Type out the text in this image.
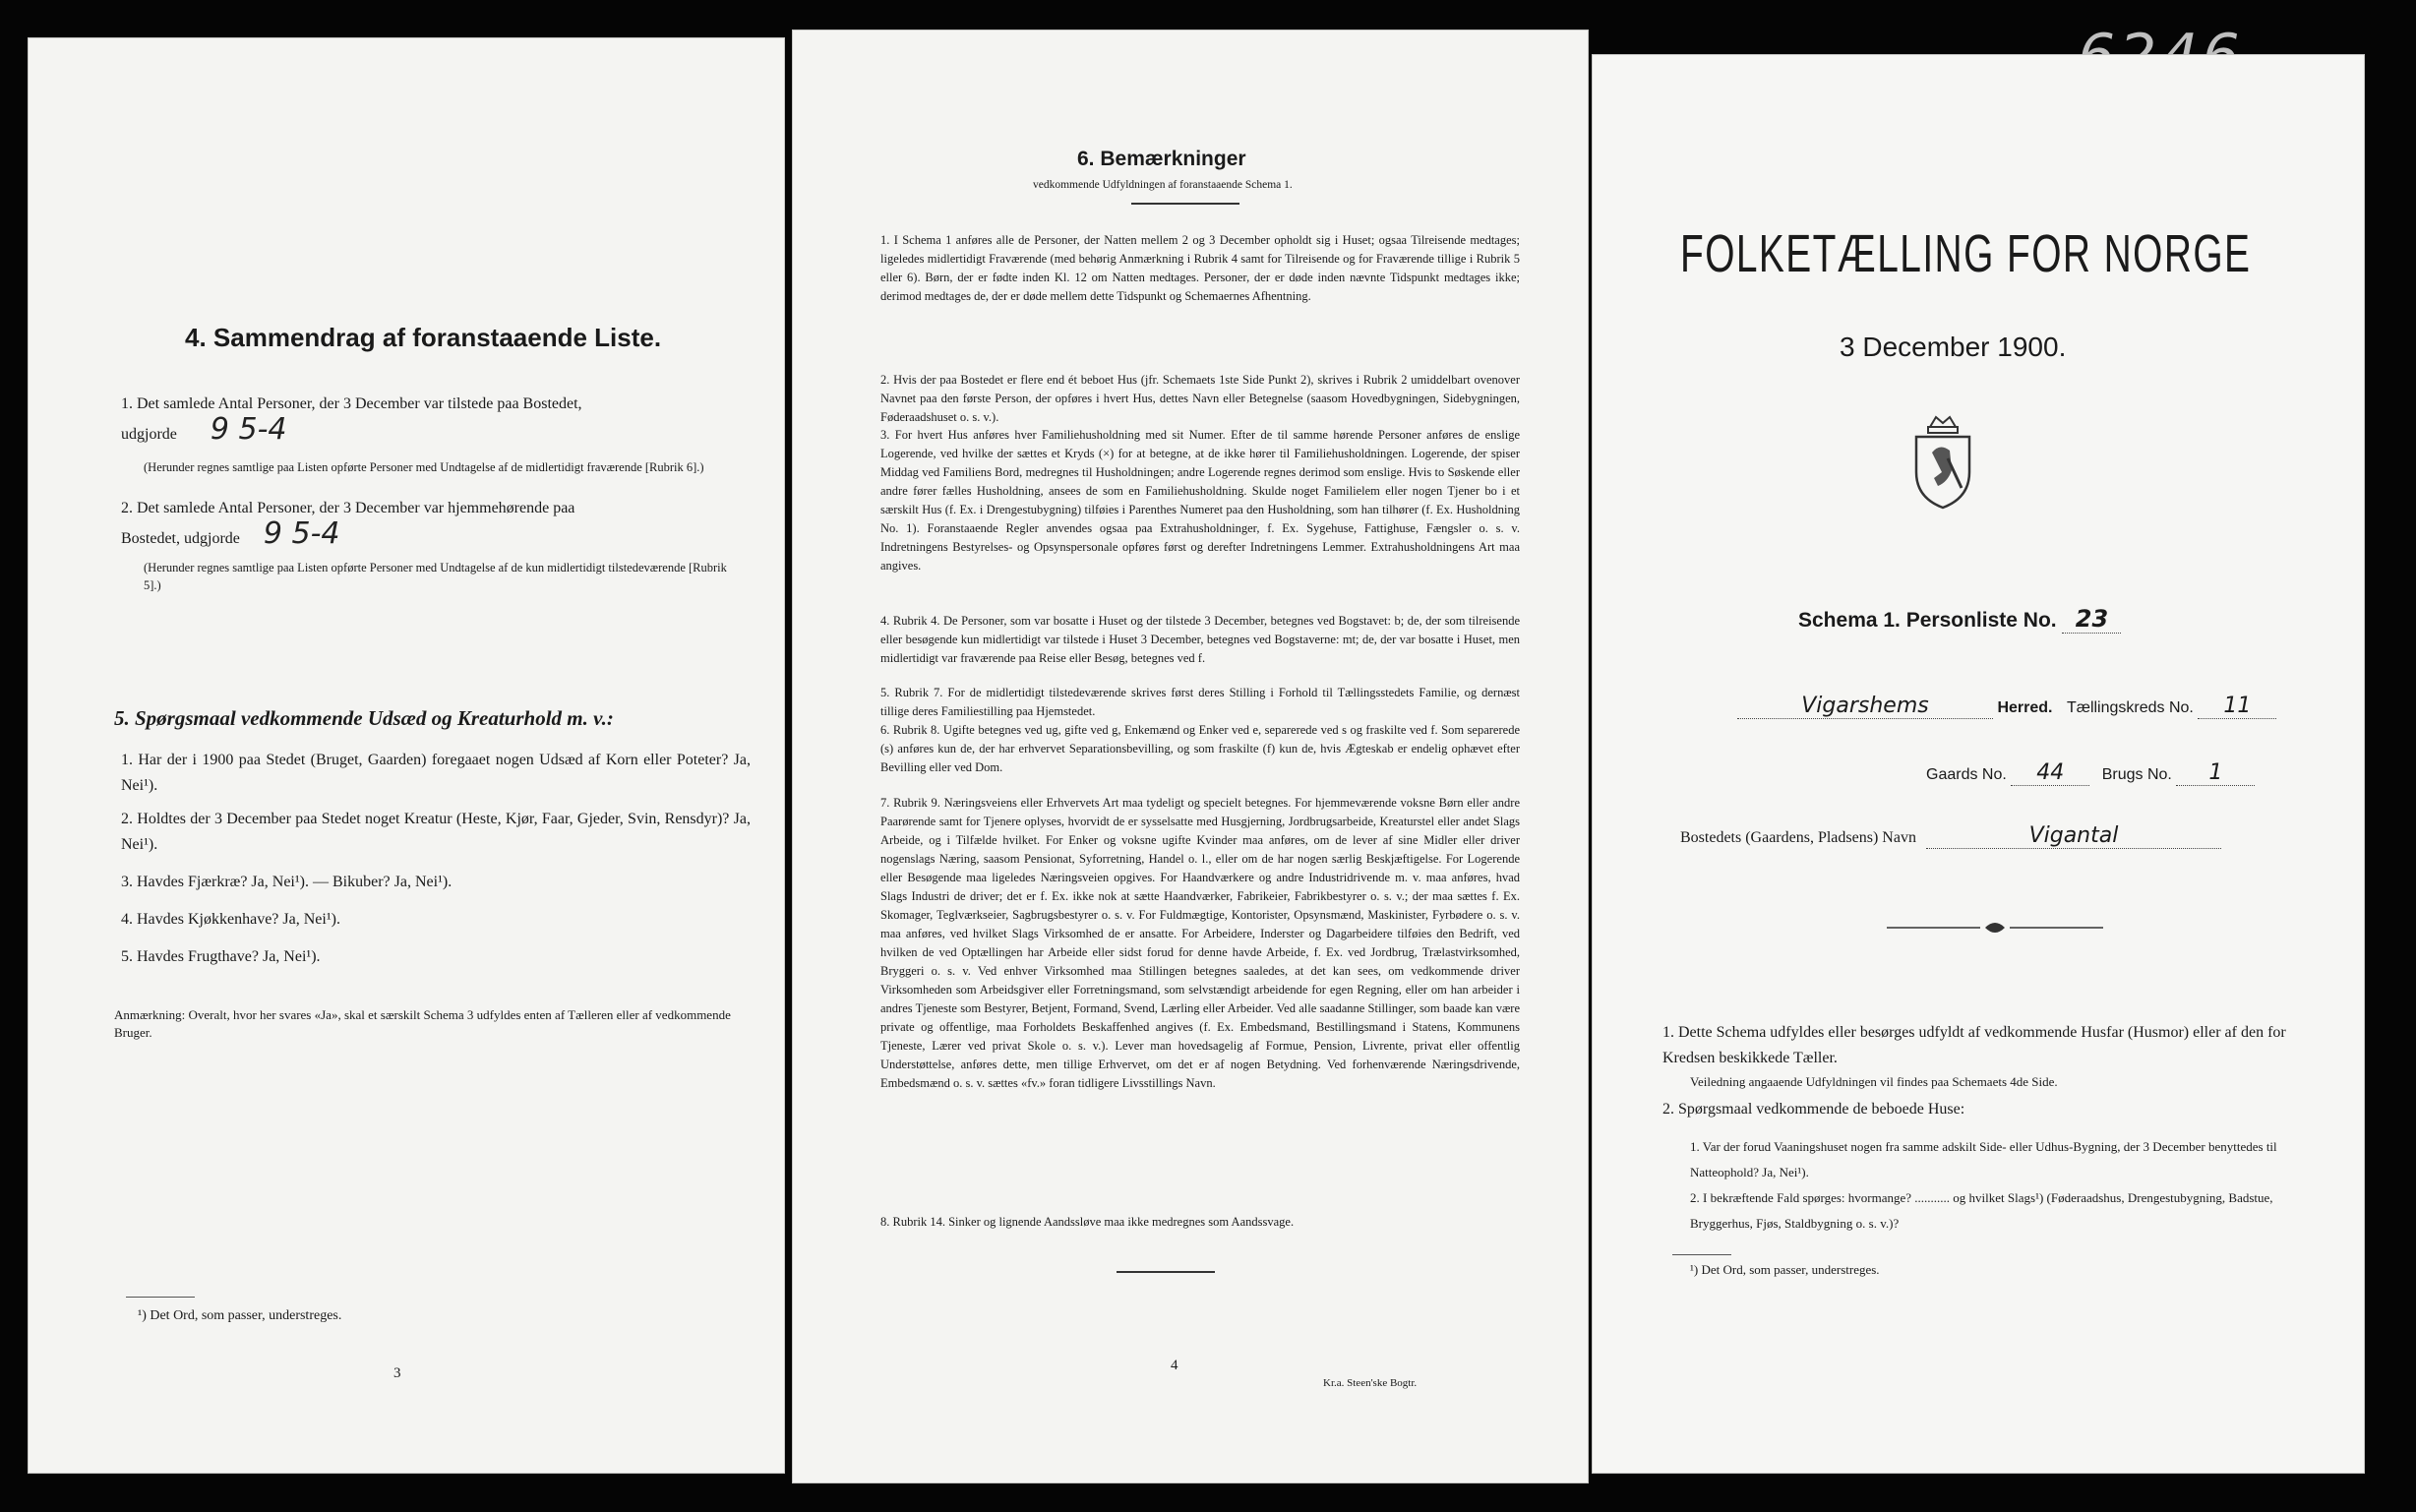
4. Sammendrag af foranstaaende Liste.
1. Det samlede Antal Personer, der 3 December var tilstede paa Bostedet,
udgjorde 9 5-4
(Herunder regnes samtlige paa Listen opførte Personer med Undtagelse af de midlertidigt fraværende [Rubrik 6].)
2. Det samlede Antal Personer, der 3 December var hjemmehørende paa
Bostedet, udgjorde 9 5-4
(Herunder regnes samtlige paa Listen opførte Personer med Undtagelse af de kun midlertidigt tilstedeværende [Rubrik 5].)
5. Spørgsmaal vedkommende Udsæd og Kreaturhold m. v.:
1. Har der i 1900 paa Stedet (Bruget, Gaarden) foregaaet nogen Udsæd af Korn eller Poteter? Ja, Nei¹).
2. Holdtes der 3 December paa Stedet noget Kreatur (Heste, Kjør, Faar, Gjeder, Svin, Rensdyr)? Ja, Nei¹).
3. Havdes Fjærkræ? Ja, Nei¹). — Bikuber? Ja, Nei¹).
4. Havdes Kjøkkenhave? Ja, Nei¹).
5. Havdes Frugthave? Ja, Nei¹).
Anmærkning: Overalt, hvor her svares «Ja», skal et særskilt Schema 3 udfyldes enten af Tælleren eller af vedkommende Bruger.
¹) Det Ord, som passer, understreges.
3
6. Bemærkninger
vedkommende Udfyldningen af foranstaaende Schema 1.
1. I Schema 1 anføres alle de Personer, der Natten mellem 2 og 3 December opholdt sig i Huset; ogsaa Tilreisende medtages; ligeledes midlertidigt Fraværende (med behørig Anmærkning i Rubrik 4 samt for Tilreisende og for Fraværende tillige i Rubrik 5 eller 6). Børn, der er fødte inden Kl. 12 om Natten medtages. Personer, der er døde inden nævnte Tidspunkt medtages ikke; derimod medtages de, der er døde mellem dette Tidspunkt og Schemaernes Afhentning.
2. Hvis der paa Bostedet er flere end ét beboet Hus (jfr. Schemaets 1ste Side Punkt 2), skrives i Rubrik 2 umiddelbart ovenover Navnet paa den første Person, der opføres i hvert Hus, dettes Navn eller Betegnelse (saasom Hovedbygningen, Sidebygningen, Føderaadshuset o. s. v.).
3. For hvert Hus anføres hver Familiehusholdning med sit Numer. Efter de til samme hørende Personer anføres de enslige Logerende, ved hvilke der sættes et Kryds (×) for at betegne, at de ikke hører til Familiehusholdningen. Logerende, der spiser Middag ved Familiens Bord, medregnes til Husholdningen; andre Logerende regnes derimod som enslige. Hvis to Søskende eller andre fører fælles Husholdning, ansees de som en Familiehusholdning. Skulde noget Familielem eller nogen Tjener bo i et særskilt Hus (f. Ex. i Drengestubygning) tilføies i Parenthes Numeret paa den Husholdning, som han tilhører (f. Ex. Husholdning No. 1). Foranstaaende Regler anvendes ogsaa paa Extrahusholdninger, f. Ex. Sygehuse, Fattighuse, Fængsler o. s. v. Indretningens Bestyrelses- og Opsynspersonale opføres først og derefter Indretningens Lemmer. Extrahusholdningens Art maa angives.
4. Rubrik 4. De Personer, som var bosatte i Huset og der tilstede 3 December, betegnes ved Bogstavet: b; de, der som tilreisende eller besøgende kun midlertidigt var tilstede i Huset 3 December, betegnes ved Bogstaverne: mt; de, der var bosatte i Huset, men midlertidigt var fraværende paa Reise eller Besøg, betegnes ved f.
5. Rubrik 7. For de midlertidigt tilstedeværende skrives først deres Stilling i Forhold til Tællingsstedets Familie, og dernæst tillige deres Familiestilling paa Hjemstedet.
6. Rubrik 8. Ugifte betegnes ved ug, gifte ved g, Enkemænd og Enker ved e, separerede ved s og fraskilte ved f. Som separerede (s) anføres kun de, der har erhvervet Separationsbevilling, og som fraskilte (f) kun de, hvis Ægteskab er endelig ophævet efter Bevilling eller ved Dom.
7. Rubrik 9. Næringsveiens eller Erhvervets Art maa tydeligt og specielt betegnes. For hjemmeværende voksne Børn eller andre Paarørende samt for Tjenere oplyses, hvorvidt de er sysselsatte med Husgjerning, Jordbrugsarbeide, Kreaturstel eller andet Slags Arbeide, og i Tilfælde hvilket. For Enker og voksne ugifte Kvinder maa anføres, om de lever af sine Midler eller driver nogenslags Næring, saasom Pensionat, Syforretning, Handel o. l., eller om de har nogen særlig Beskjæftigelse. For Logerende eller Besøgende maa ligeledes Næringsveien opgives. For Haandværkere og andre Industridrivende m. v. maa anføres, hvad Slags Industri de driver; det er f. Ex. ikke nok at sætte Haandværker, Fabrikeier, Fabrikbestyrer o. s. v.; der maa sættes f. Ex. Skomager, Teglværkseier, Sagbrugsbestyrer o. s. v. For Fuldmægtige, Kontorister, Opsynsmænd, Maskinister, Fyrbødere o. s. v. maa anføres, ved hvilket Slags Virksomhed de er ansatte. For Arbeidere, Inderster og Dagarbeidere tilføies den Bedrift, ved hvilken de ved Optællingen har Arbeide eller sidst forud for denne havde Arbeide, f. Ex. ved Jordbrug, Trælastvirksomhed, Bryggeri o. s. v. Ved enhver Virksomhed maa Stillingen betegnes saaledes, at det kan sees, om vedkommende driver Virksomheden som Arbeidsgiver eller Forretningsmand, som selvstændigt arbeidende for egen Regning, eller om han arbeider i andres Tjeneste som Bestyrer, Betjent, Formand, Svend, Lærling eller Arbeider. Ved alle saadanne Stillinger, som baade kan være private og offentlige, maa Forholdets Beskaffenhed angives (f. Ex. Embedsmand, Bestillingsmand i Statens, Kommunens Tjeneste, Lærer ved privat Skole o. s. v.). Lever man hovedsagelig af Formue, Pension, Livrente, privat eller offentlig Understøttelse, anføres dette, men tillige Erhvervet, om det er af nogen Betydning. Ved forhenværende Næringsdrivende, Embedsmænd o. s. v. sættes «fv.» foran tidligere Livsstillings Navn.
8. Rubrik 14. Sinker og lignende Aandssløve maa ikke medregnes som Aandssvage.
4
Kr.a. Steen'ske Bogtr.
FOLKETÆLLING FOR NORGE
3 December 1900.
Schema 1. Personliste No. 23
Vigarshems	Herred. Tællingskreds No. 11
Gaards No. 44 Brugs No. 1
Bostedets (Gaardens, Pladsens) Navn	Vigantal
1. Dette Schema udfyldes eller besørges udfyldt af vedkommende Husfar (Husmor) eller af den for Kredsen beskikkede Tæller.
Veiledning angaaende Udfyldningen vil findes paa Schemaets 4de Side.
2. Spørgsmaal vedkommende de beboede Huse:
1. Var der forud Vaaningshuset nogen fra samme adskilt Side- eller Udhus-Bygning, der 3 December benyttedes til Natteophold? Ja, Nei¹).
2. I bekræftende Fald spørges: hvormange? ........... og hvilket Slags¹) (Føderaadshus, Drengestubygning, Badstue, Bryggerhus, Fjøs, Staldbygning o. s. v.)?
¹) Det Ord, som passer, understreges.
